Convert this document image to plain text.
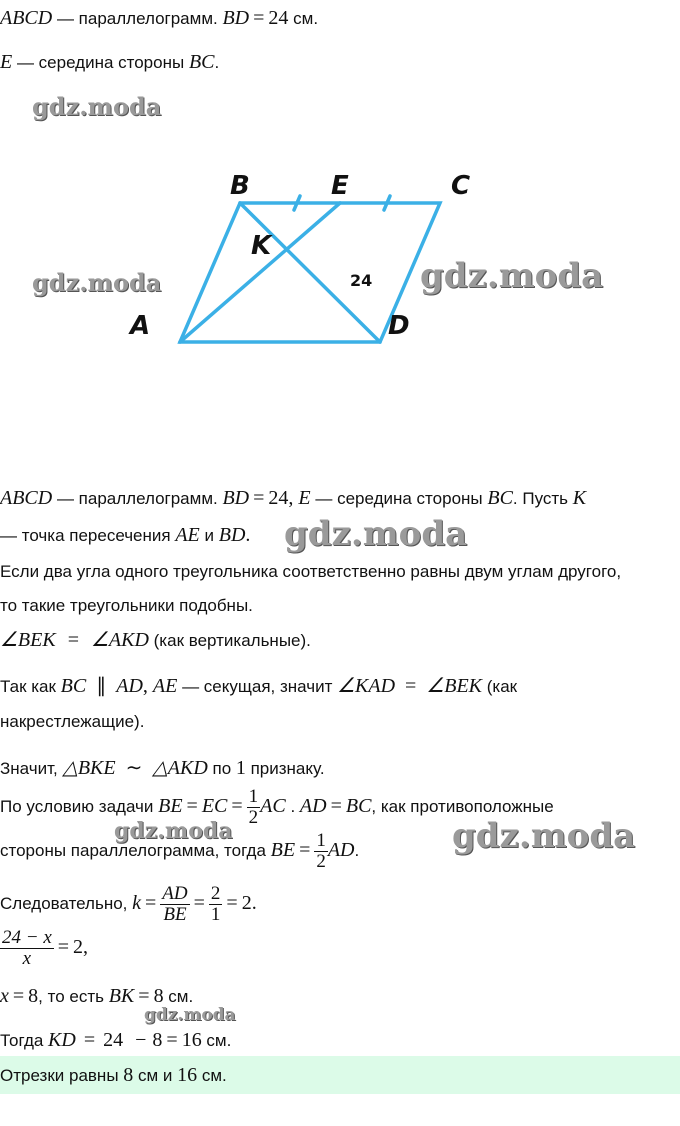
ABCD — параллелограмм. BD = 24 см.
E — середина стороны BC.
gdz.moda
gdz.moda	gdz.moda
gdz.moda
gdz.moda	gdz.moda
gdz.moda
B	E	C
K
A	D
24
ABCD — параллелограмм. BD = 24, E — середина стороны BC. Пусть K
— точка пересечения AE и BD.
Если два угла одного треугольника соответственно равны двум углам другого,
то такие треугольники подобны.
∠BEK = ∠AKD (как вертикальные).
Так как BC ∥ AD, AE — секущая, значит ∠KAD = ∠BEK (как
накрестлежащие).
Значит, △BKE ∼ △AKD по 1 признаку.
По условию задачи BE = EC = $\frac{1}{2}$ AC . AD = BC, как противоположные
стороны параллелограмма, тогда BE = $\frac{1}{2}$ AD.
Следовательно, $k = \frac{AD}{BE} = \frac{2}{1} = 2$.
$\frac{24 - x}{x} = 2$,
x = 8, то есть BK = 8 см.
Тогда KD = 24 − 8 = 16 см.
Отрезки равны 8 см и 16 см.
